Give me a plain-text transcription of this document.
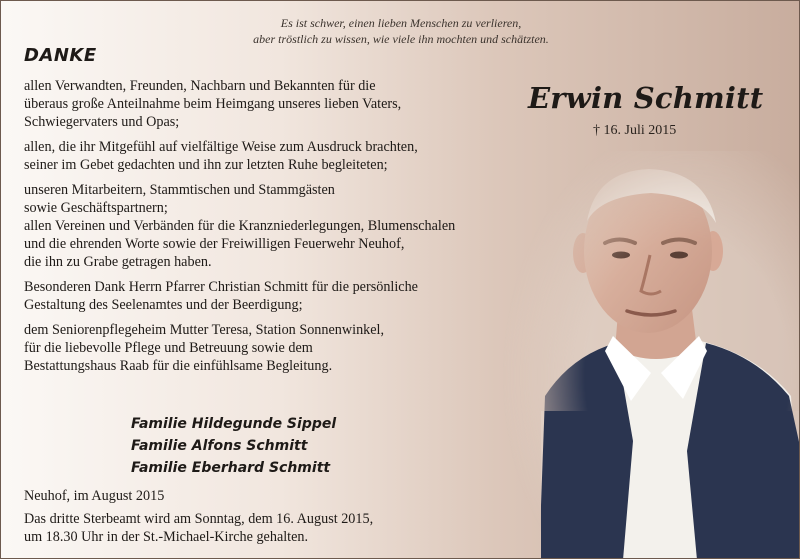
Es ist schwer, einen lieben Menschen zu verlieren,
aber tröstlich zu wissen, wie viele ihn mochten und schätzten.
DANKE

allen Verwandten, Freunden, Nachbarn und Bekannten für die
überaus große Anteilnahme beim Heimgang unseres lieben Vaters,
Schwiegervaters und Opas;

allen, die ihr Mitgefühl auf vielfältige Weise zum Ausdruck brachten,
seiner im Gebet gedachten und ihn zur letzten Ruhe begleiteten;

unseren Mitarbeitern, Stammtischen und Stammgästen
sowie Geschäftspartnern;
allen Vereinen und Verbänden für die Kranzniederlegungen, Blumenschalen
und die ehrenden Worte sowie der Freiwilligen Feuerwehr Neuhof,
die ihn zu Grabe getragen haben.

Besonderen Dank Herrn Pfarrer Christian Schmitt für die persönliche
Gestaltung des Seelenamtes und der Beerdigung;

dem Seniorenpflegeheim Mutter Teresa, Station Sonnenwinkel,
für die liebevolle Pflege und Betreuung sowie dem
Bestattungshaus Raab für die einfühlsame Begleitung.

Familie Hildegunde Sippel
Familie Alfons Schmitt
Familie Eberhard Schmitt
Neuhof, im August 2015
Das dritte Sterbeamt wird am Sonntag, dem 16. August 2015,
um 18.30 Uhr in der St.-Michael-Kirche gehalten.
Erwin Schmitt
† 16. Juli 2015
